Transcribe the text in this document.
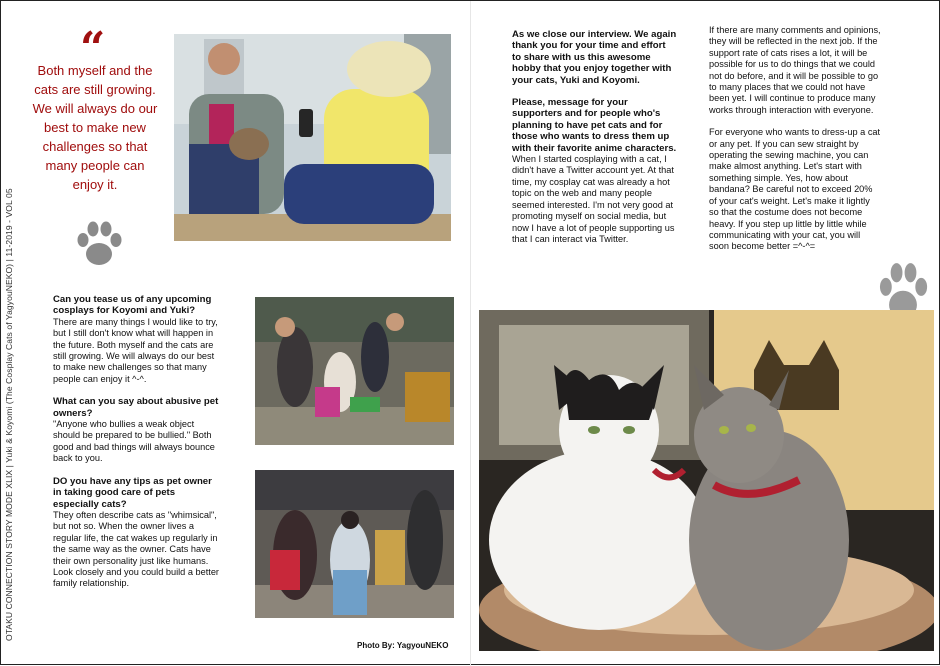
OTAKU CONNECTION STORY MODE XLIX | Yuki & Koyomi (The Cosplay Cats of YagyouNEKO) | 11-2019 - VOL 05
“
Both myself and the cats are still growing. We will always do our best to make new challenges so that many people can enjoy it.

As we close our interview. We again thank you for your time and effort to share with us this awesome hobby that you enjoy together with your cats, Yuki and Koyomi.

Please, message for your supporters and for people who's planning to have pet cats and for those who wants to dress them up with their favorite anime characters.

When I started cosplaying with a cat, I didn't have a Twitter account yet. At that time, my cosplay cat was already a hot topic on the web and many people seemed interested. I'm not very good at promoting myself on social media, but now I have a lot of people supporting us that I can interact via Twitter.

If there are many comments and opinions, they will be reflected in the next job. If the support rate of cats rises a lot, it will be possible for us to do things that we could not do before, and it will be possible to go to many places that we could not have been yet. I will continue to produce many works through interaction with everyone.

For everyone who wants to dress-up a cat or any pet. If you can sew straight by operating the sewing machine, you can make almost anything. Let's start with something simple. Yes, how about bandana? Be careful not to exceed 20% of your cat's weight. Let's make it lightly so that the costume does not become heavy. If you step up little by little while communicating with your cat, you will soon become better =^-^=

Can you tease us of any upcoming cosplays for Koyomi and Yuki?

There are many things I would like to try, but I still don't know what will happen in the future. Both myself and the cats are still growing. We will always do our best to make new challenges so that many people can enjoy it ^-^.

What can you say about abusive pet owners?

"Anyone who bullies a weak object should be prepared to be bullied." Both good and bad things will always bounce back to you.

DO you have any tips as pet owner in taking good care of pets especially cats?

They often describe cats as "whimsical", but not so. When the owner lives a regular life, the cat wakes up regularly in the same way as the owner. Cats have their own personality just like humans. Look closely and you could build a better family relationship.

Photo By: YagyouNEKO
